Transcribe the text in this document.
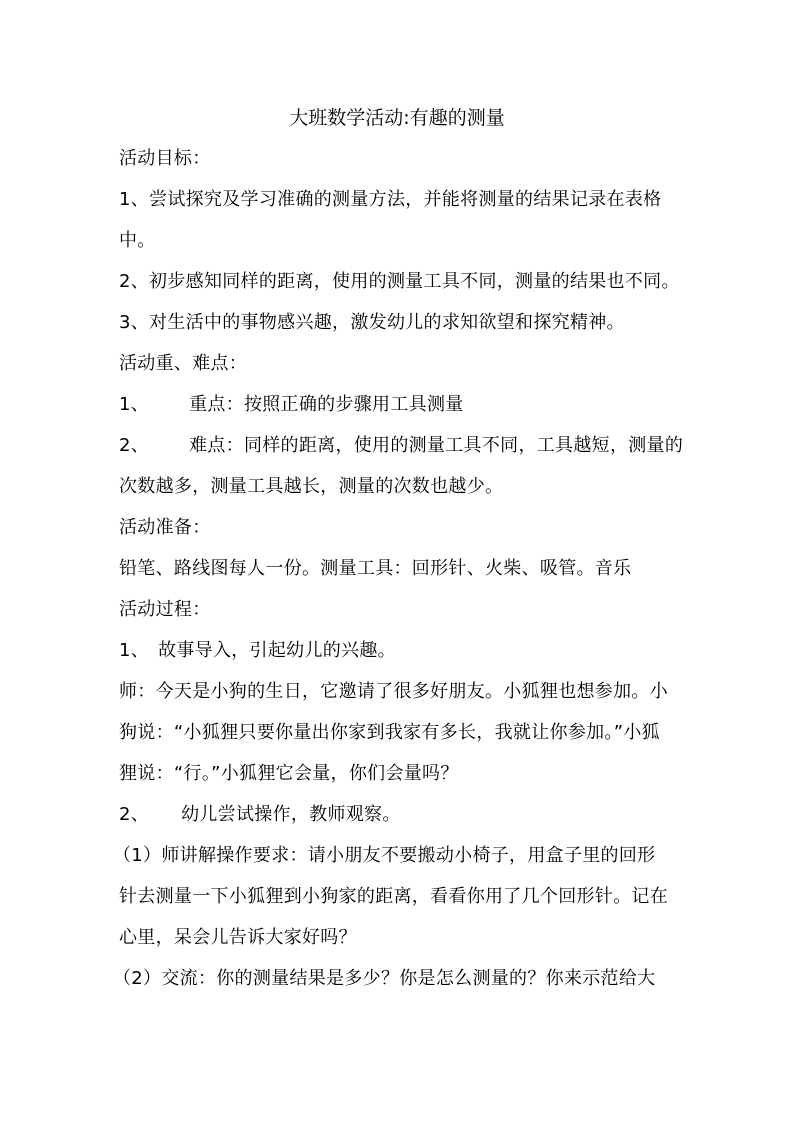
大班数学活动:有趣的测量
活动目标：
1、尝试探究及学习准确的测量方法，并能将测量的结果记录在表格
中。
2、初步感知同样的距离，使用的测量工具不同，测量的结果也不同。
3、对生活中的事物感兴趣，激发幼儿的求知欲望和探究精神。
活动重、难点：
1、 重点：按照正确的步骤用工具测量
2、 难点：同样的距离，使用的测量工具不同，工具越短，测量的
次数越多，测量工具越长，测量的次数也越少。
活动准备：
铅笔、路线图每人一份。测量工具：回形针、火柴、吸管。音乐
活动过程：
1、 故事导入，引起幼儿的兴趣。
师：今天是小狗的生日，它邀请了很多好朋友。小狐狸也想参加。小
狗说：“小狐狸只要你量出你家到我家有多长，我就让你参加。”小狐
狸说：“行。”小狐狸它会量，你们会量吗？
2、 幼儿尝试操作，教师观察。
（1）师讲解操作要求：请小朋友不要搬动小椅子，用盒子里的回形
针去测量一下小狐狸到小狗家的距离，看看你用了几个回形针。记在
心里，呆会儿告诉大家好吗？
（2）交流：你的测量结果是多少？你是怎么测量的？你来示范给大
